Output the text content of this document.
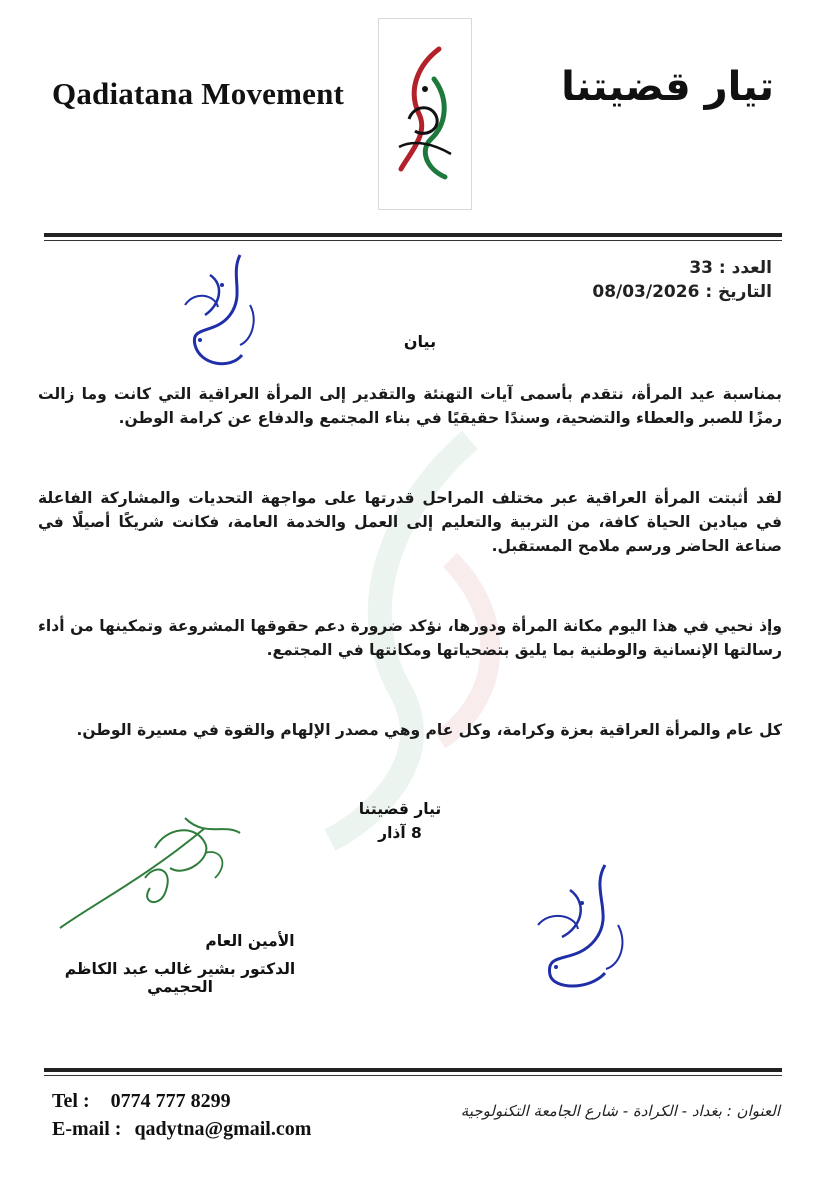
Qadiatana Movement	تيار قضيتنا
العدد : 33
التاريخ : 08/03/2026
بيان
بمناسبة عيد المرأة، نتقدم بأسمى آيات التهنئة والتقدير إلى المرأة العراقية التي كانت وما زالت رمزًا للصبر والعطاء والتضحية، وسندًا حقيقيًا في بناء المجتمع والدفاع عن كرامة الوطن.
لقد أثبتت المرأة العراقية عبر مختلف المراحل قدرتها على مواجهة التحديات والمشاركة الفاعلة في ميادين الحياة كافة، من التربية والتعليم إلى العمل والخدمة العامة، فكانت شريكًا أصيلًا في صناعة الحاضر ورسم ملامح المستقبل.
وإذ نحيي في هذا اليوم مكانة المرأة ودورها، نؤكد ضرورة دعم حقوقها المشروعة وتمكينها من أداء رسالتها الإنسانية والوطنية بما يليق بتضحياتها ومكانتها في المجتمع.
كل عام والمرأة العراقية بعزة وكرامة، وكل عام وهي مصدر الإلهام والقوة في مسيرة الوطن.
تيار قضيتنا
8 آذار
الأمين العام
الدكتور بشير غالب عبد الكاظم الحجيمي
Tel : 0774 777 8299
E-mail : qadytna@gmail.com
العنوان : بغداد - الكرادة - شارع الجامعة التكنولوجية
